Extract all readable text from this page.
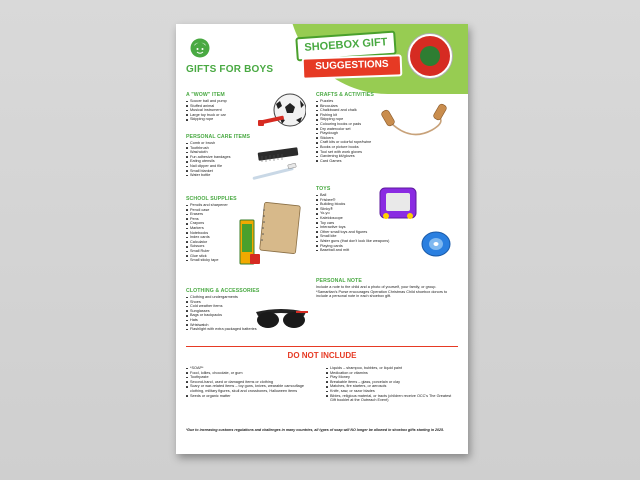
GIFTS FOR BOYS
SHOEBOX GIFT
SUGGESTIONS
A "WOW" ITEM
Soccer ball and pump
Stuffed animal
Musical instrument
Large toy truck or car
Skipping rope
PERSONAL CARE ITEMS
Comb or brush
Toothbrush
Washcloth
Fun adhesive bandages
Eating utensils
Nail clipper and file
Small blanket
Water bottle
SCHOOL SUPPLIES
Pencils and sharpener
Pencil case
Erasers
Pens
Crayons
Markers
Notebooks
Index cards
Calculator
Scissors
Small Ruler
Glue stick
Small sticky tape
CLOTHING & ACCESSORIES
Clothing and undergarments
Shoes
Cold weather items
Sunglasses
Bags or backpacks
Hats
Wristwatch
Flashlight with extra packaged batteries
CRAFTS & ACTIVITIES
Puzzles
Binoculars
Chalkboard and chalk
Fishing kit
Skipping rope
Colouring books or pads
Dry watercolor set
Playdough
Stickers
Craft kits or colorful rope/twine
Books or picture books
Tool set with work gloves
Gardening kit/gloves
Card Games
TOYS
Ball
Frisbee®
Building blocks
Slinky®
Yo-yo
Kaleidoscope
Toy cars
Interactive toys
Other small toys and figures
Small kite
Water guns (that don't look like weapons)
Playing cards
Baseball and mitt
PERSONAL NOTE
Include a note to the child and a photo of yourself, your family, or group. *Samaritan's Purse encourages Operation Christmas Child shoebox donors to include a personal note in each shoebox gift.
DO NOT INCLUDE
*SOAP*
Food, lollies, chocolate, or gum
Toothpaste
Second-hand, used or damaged items or clothing
Scary or war-related items – toy guns, knives, wearable camouflage clothing, military figures, skull and crossbones, Halloween items
Seeds or organic matter
Liquids – shampoo, bubbles, or liquid paint
Medication or vitamins
Play Money
Breakable items – glass, porcelain or clay
Matches, fire starters, or aerosols
Knife, saw, or razor blades
Bibles, religious material, or tracts (children receive OCC's The Greatest Gift booklet at the Outreach Event)
*Due to increasing customs regulations and challenges in many countries, all types of soap will NO longer be allowed in shoebox gifts starting in 2025.
